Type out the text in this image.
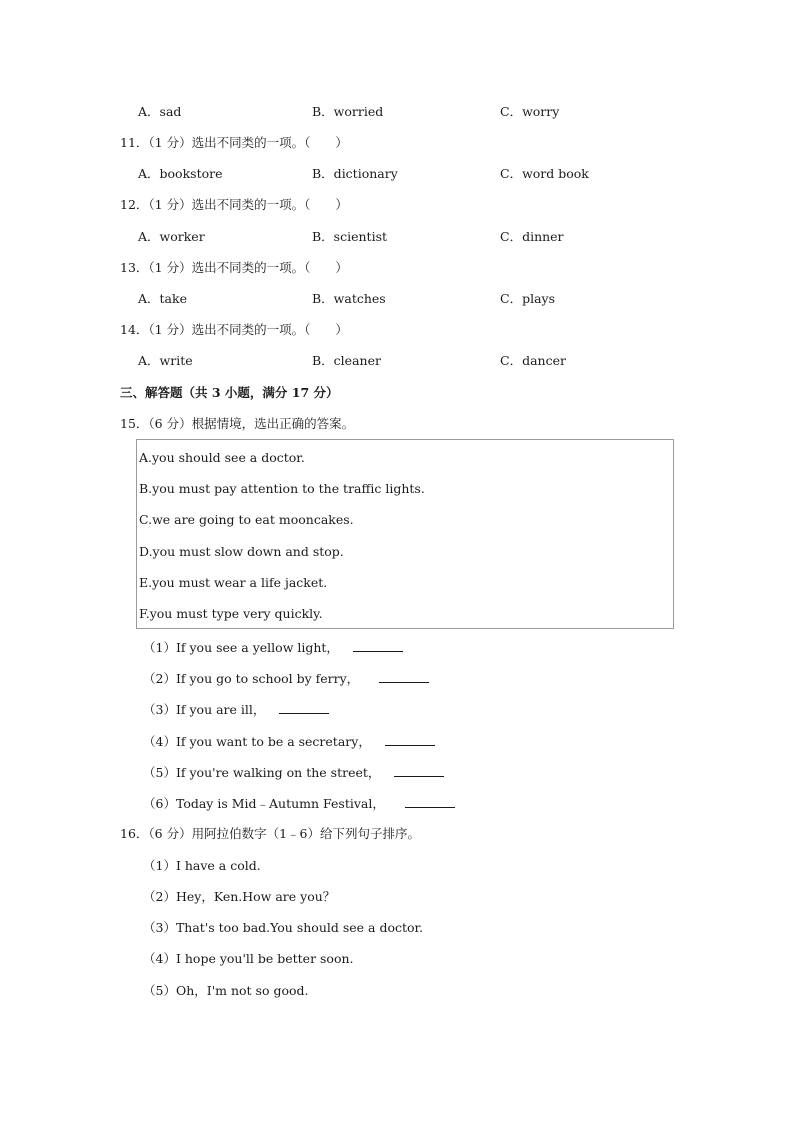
A．sad	B．worried	C．worry
11．（1 分）选出不同类的一项。（　　）
A．bookstore	B．dictionary	C．word book
12．（1 分）选出不同类的一项。（　　）
A．worker	B．scientist	C．dinner
13．（1 分）选出不同类的一项。（　　）
A．take	B．watches	C．plays
14．（1 分）选出不同类的一项。（　　）
A．write	B．cleaner	C．dancer
三、解答题（共 3 小题，满分 17 分）
15．（6 分）根据情境，选出正确的答案。
A.you should see a doctor.
B.you must pay attention to the traffic lights.
C.we are going to eat mooncakes.
D.you must slow down and stop.
E.you must wear a life jacket.
F.you must type very quickly.
（1）If you see a yellow light，
（2）If you go to school by ferry，
（3）If you are ill，
（4）If you want to be a secretary，
（5）If you're walking on the street，
（6）Today is Mid﹣Autumn Festival，
16．（6 分）用阿拉伯数字（1﹣6）给下列句子排序。
（1）I have a cold.
（2）Hey，Ken.How are you？
（3）That's too bad.You should see a doctor.
（4）I hope you'll be better soon.
（5）Oh，I'm not so good.
